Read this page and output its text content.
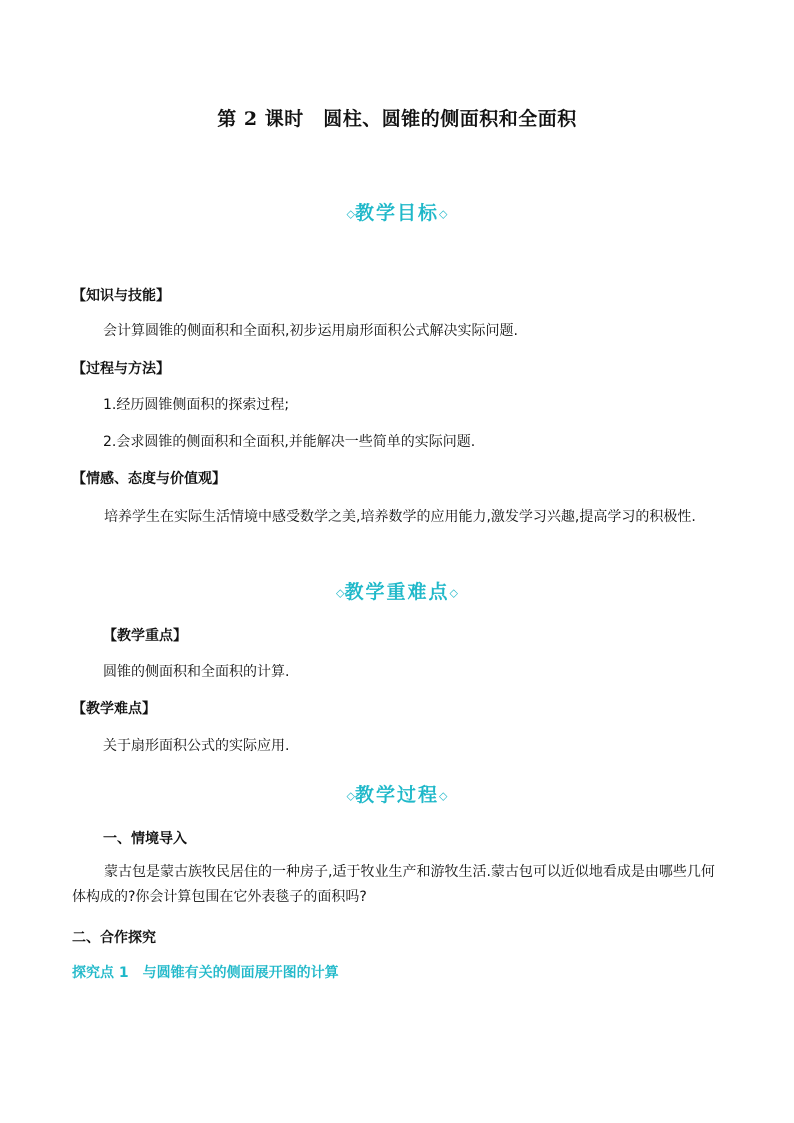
第 2 课时　圆柱、圆锥的侧面积和全面积
◇教学目标◇
【知识与技能】
会计算圆锥的侧面积和全面积,初步运用扇形面积公式解决实际问题.
【过程与方法】
1.经历圆锥侧面积的探索过程;
2.会求圆锥的侧面积和全面积,并能解决一些简单的实际问题.
【情感、态度与价值观】
培养学生在实际生活情境中感受数学之美,培养数学的应用能力,激发学习兴趣,提高学习的积极性.
◇教学重难点◇
【教学重点】
圆锥的侧面积和全面积的计算.
【教学难点】
关于扇形面积公式的实际应用.
◇教学过程◇
一、情境导入
蒙古包是蒙古族牧民居住的一种房子,适于牧业生产和游牧生活.蒙古包可以近似地看成是由哪些几何体构成的?你会计算包围在它外表毯子的面积吗?
二、合作探究
探究点 1　与圆锥有关的侧面展开图的计算
